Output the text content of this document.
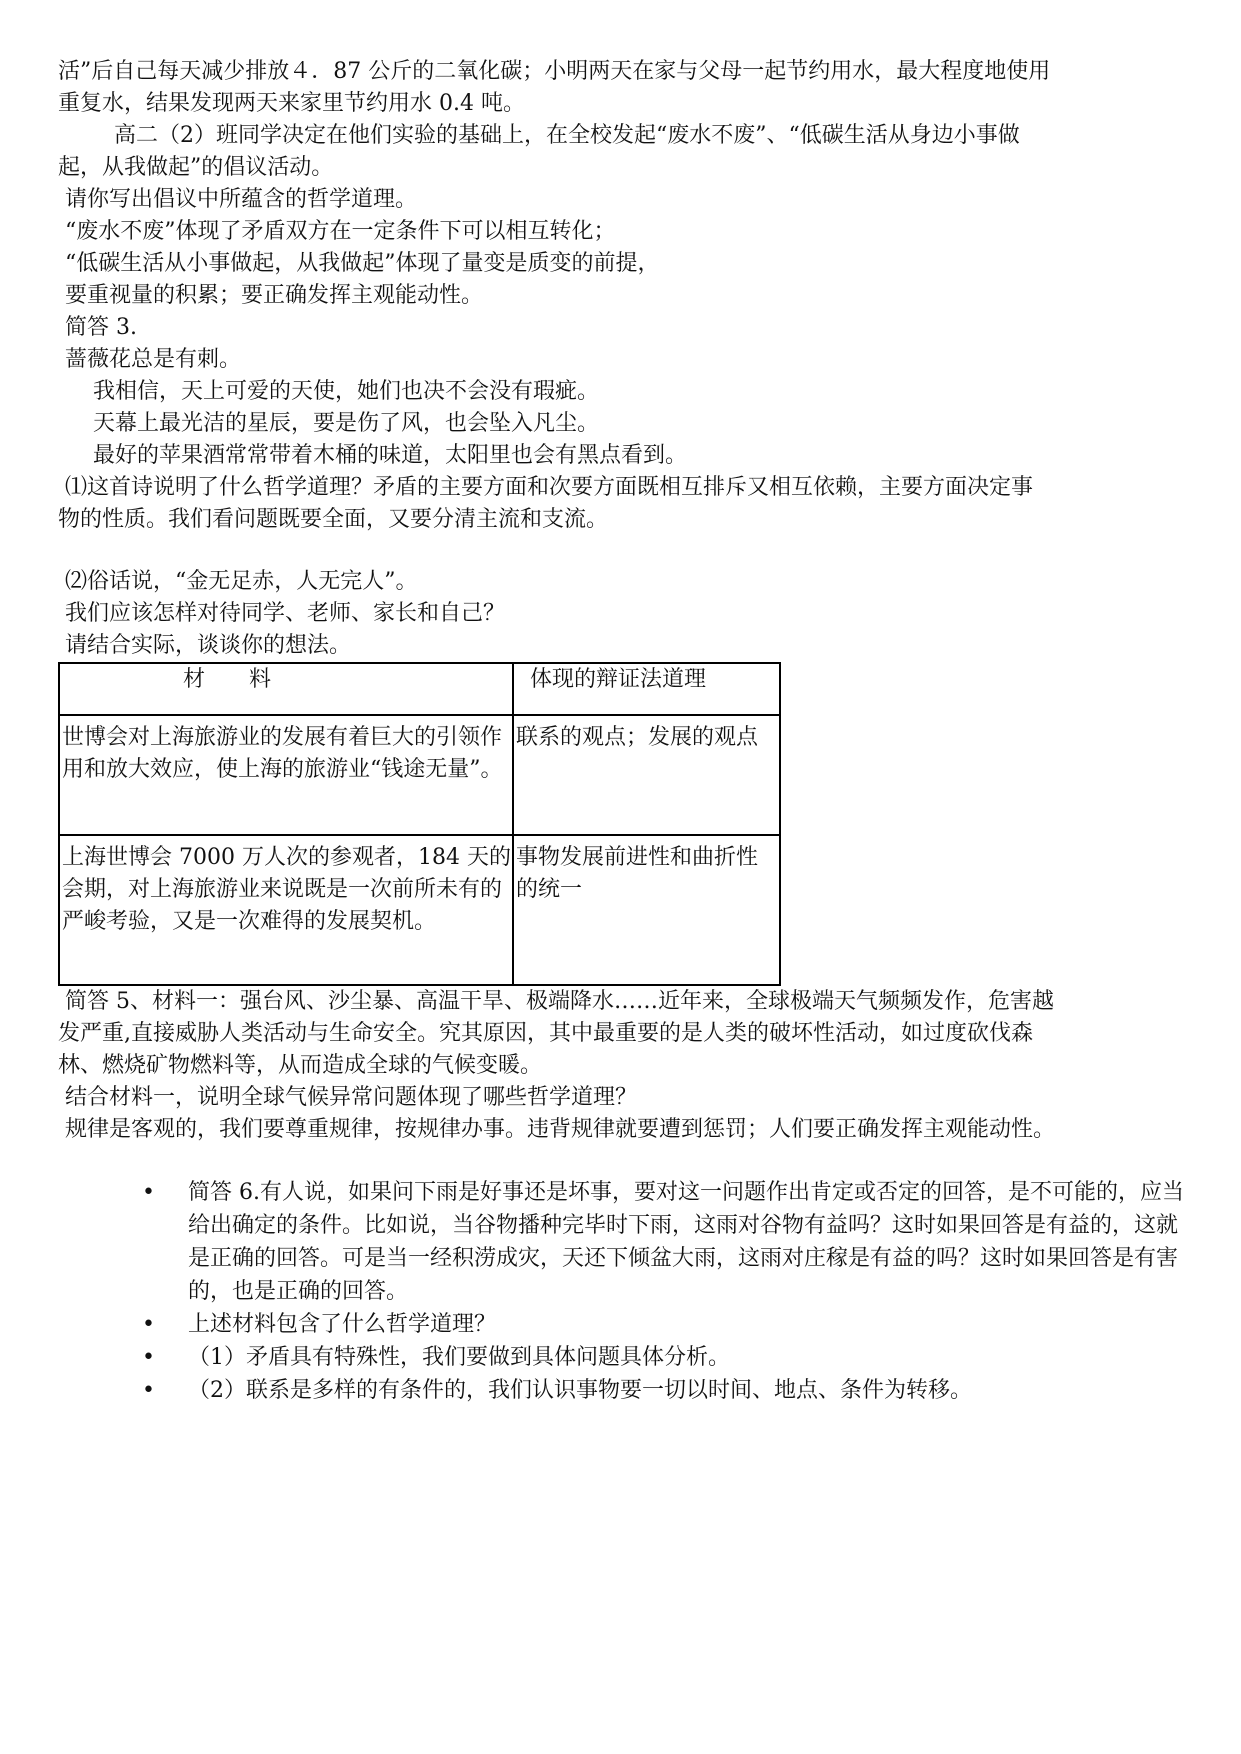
活”后自己每天减少排放４．87 公斤的二氧化碳；小明两天在家与父母一起节约用水，最大程度地使用

重复水，结果发现两天来家里节约用水 0.4 吨。

高二（2）班同学决定在他们实验的基础上，在全校发起“废水不废”、“低碳生活从身边小事做

起，从我做起”的倡议活动。

请你写出倡议中所蕴含的哲学道理。

“废水不废”体现了矛盾双方在一定条件下可以相互转化；

“低碳生活从小事做起，从我做起”体现了量变是质变的前提，

要重视量的积累；要正确发挥主观能动性。

简答 3.

蔷薇花总是有刺。

我相信，天上可爱的天使，她们也决不会没有瑕疵。

天幕上最光洁的星辰，要是伤了风，也会坠入凡尘。

最好的苹果酒常常带着木桶的味道，太阳里也会有黑点看到。

⑴这首诗说明了什么哲学道理？矛盾的主要方面和次要方面既相互排斥又相互依赖，主要方面决定事

物的性质。我们看问题既要全面，又要分清主流和支流。

⑵俗话说，“金无足赤，人无完人”。

我们应该怎样对待同学、老师、家长和自己？

请结合实际，谈谈你的想法。

材　　料	体现的辩证法道理

世博会对上海旅游业的发展有着巨大的引领作用和放大效应，使上海的旅游业“钱途无量”。	联系的观点；发展的观点
上海世博会 7000 万人次的参观者，184 天的会期，对上海旅游业来说既是一次前所未有的严峻考验，又是一次难得的发展契机。	事物发展前进性和曲折性的统一

简答 5、材料一：强台风、沙尘暴、高温干旱、极端降水……近年来，全球极端天气频频发作，危害越

发严重,直接威胁人类活动与生命安全。究其原因，其中最重要的是人类的破坏性活动，如过度砍伐森

林、燃烧矿物燃料等，从而造成全球的气候变暖。

结合材料一，说明全球气候异常问题体现了哪些哲学道理？

规律是客观的，我们要尊重规律，按规律办事。违背规律就要遭到惩罚；人们要正确发挥主观能动性。

•	简答 6.有人说，如果问下雨是好事还是坏事，要对这一问题作出肯定或否定的回答，是不可能的，应当给出确定的条件。比如说，当谷物播种完毕时下雨，这雨对谷物有益吗？这时如果回答是有益的，这就是正确的回答。可是当一经积涝成灾，天还下倾盆大雨，这雨对庄稼是有益的吗？这时如果回答是有害的，也是正确的回答。
•	上述材料包含了什么哲学道理？
•	（1）矛盾具有特殊性，我们要做到具体问题具体分析。
•	（2）联系是多样的有条件的，我们认识事物要一切以时间、地点、条件为转移。
